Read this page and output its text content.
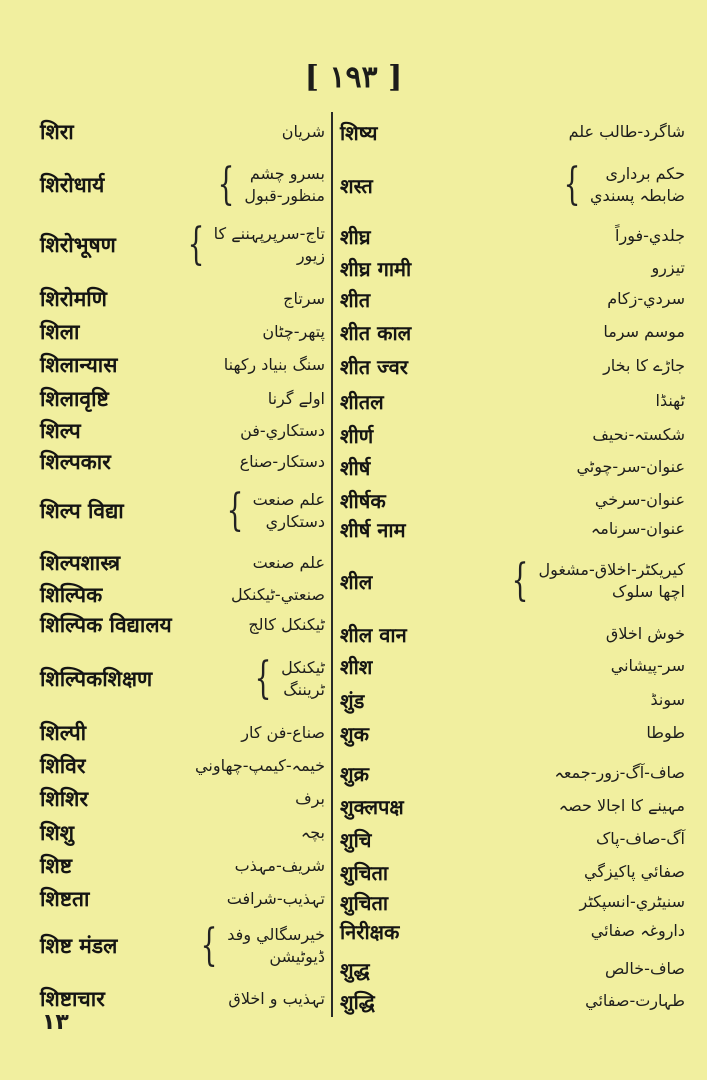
[ ۱۹۳ ]
शिरा	شریان
शिरोधार्य	{ بسرو چشم
منظور-قبول
शिरोभूषण { تاج-سرپرپہننے کا
زیور
शिरोमणि	سرتاج
शिला	پتھر-چٹان
शिलान्यास	سنگ بنیاد رکھنا
शिलावृष्टि	اولے گرنا
शिल्प	دستکاري-فن
शिल्पकार	دستکار-صناع
शिल्प विद्या { علم صنعت
دستکاري
शिल्पशास्त्र	علم صنعت
शिल्पिक	صنعتي-ٹیکنکل
शिल्पिक विद्यालय	ٹیکنکل کالج
शिल्पिकशिक्षण { ٹیکنکل
ٹریننگ
शिल्पी	صناع-فن کار
शिविर	خیمہ-کیمپ-چھاوني
शिशिर	برف
शिशु	بچہ
शिष्ट	شریف-مہذب
शिष्टता	تہذیب-شرافت
शिष्ट मंडल { خیرسگالي وفد
ڈیوٹیشن
शिष्टाचार	تہذیب و اخلاق
शिष्य	شاگرد-طالب علم
शस्त	{ حکم برداری
ضابطہ پسندي
शीघ्र	جلدي-فوراً
शीघ्र गामी	تیزرو
शीत	سردي-زکام
शीत काल	موسم سرما
शीत ज्वर	جاڑے کا بخار
शीतल	ٹھنڈا
शीर्ण	شکستہ-نحیف
शीर्ष	عنوان-سر-چوٹي
शीर्षक	عنوان-سرخي
शीर्ष नाम	عنوان-سرنامہ
शील	{ کیریکٹر-اخلاق-مشغول
اچھا سلوک
शील वान	خوش اخلاق
शीश	سر-پیشاني
शुंड	سونڈ
शुक	طوطا
शुक्र	صاف-آگ-زور-جمعہ
शुक्लपक्ष	مہینے کا اجالا حصہ
शुचि	آگ-صاف-پاک
शुचिता	صفائي پاکیزگي
शुचिता	سنیٹري-انسپکٹر
निरीक्षक	داروغہ صفائي
शुद्ध	صاف-خالص
शुद्धि	طہارت-صفائي
۱۳
